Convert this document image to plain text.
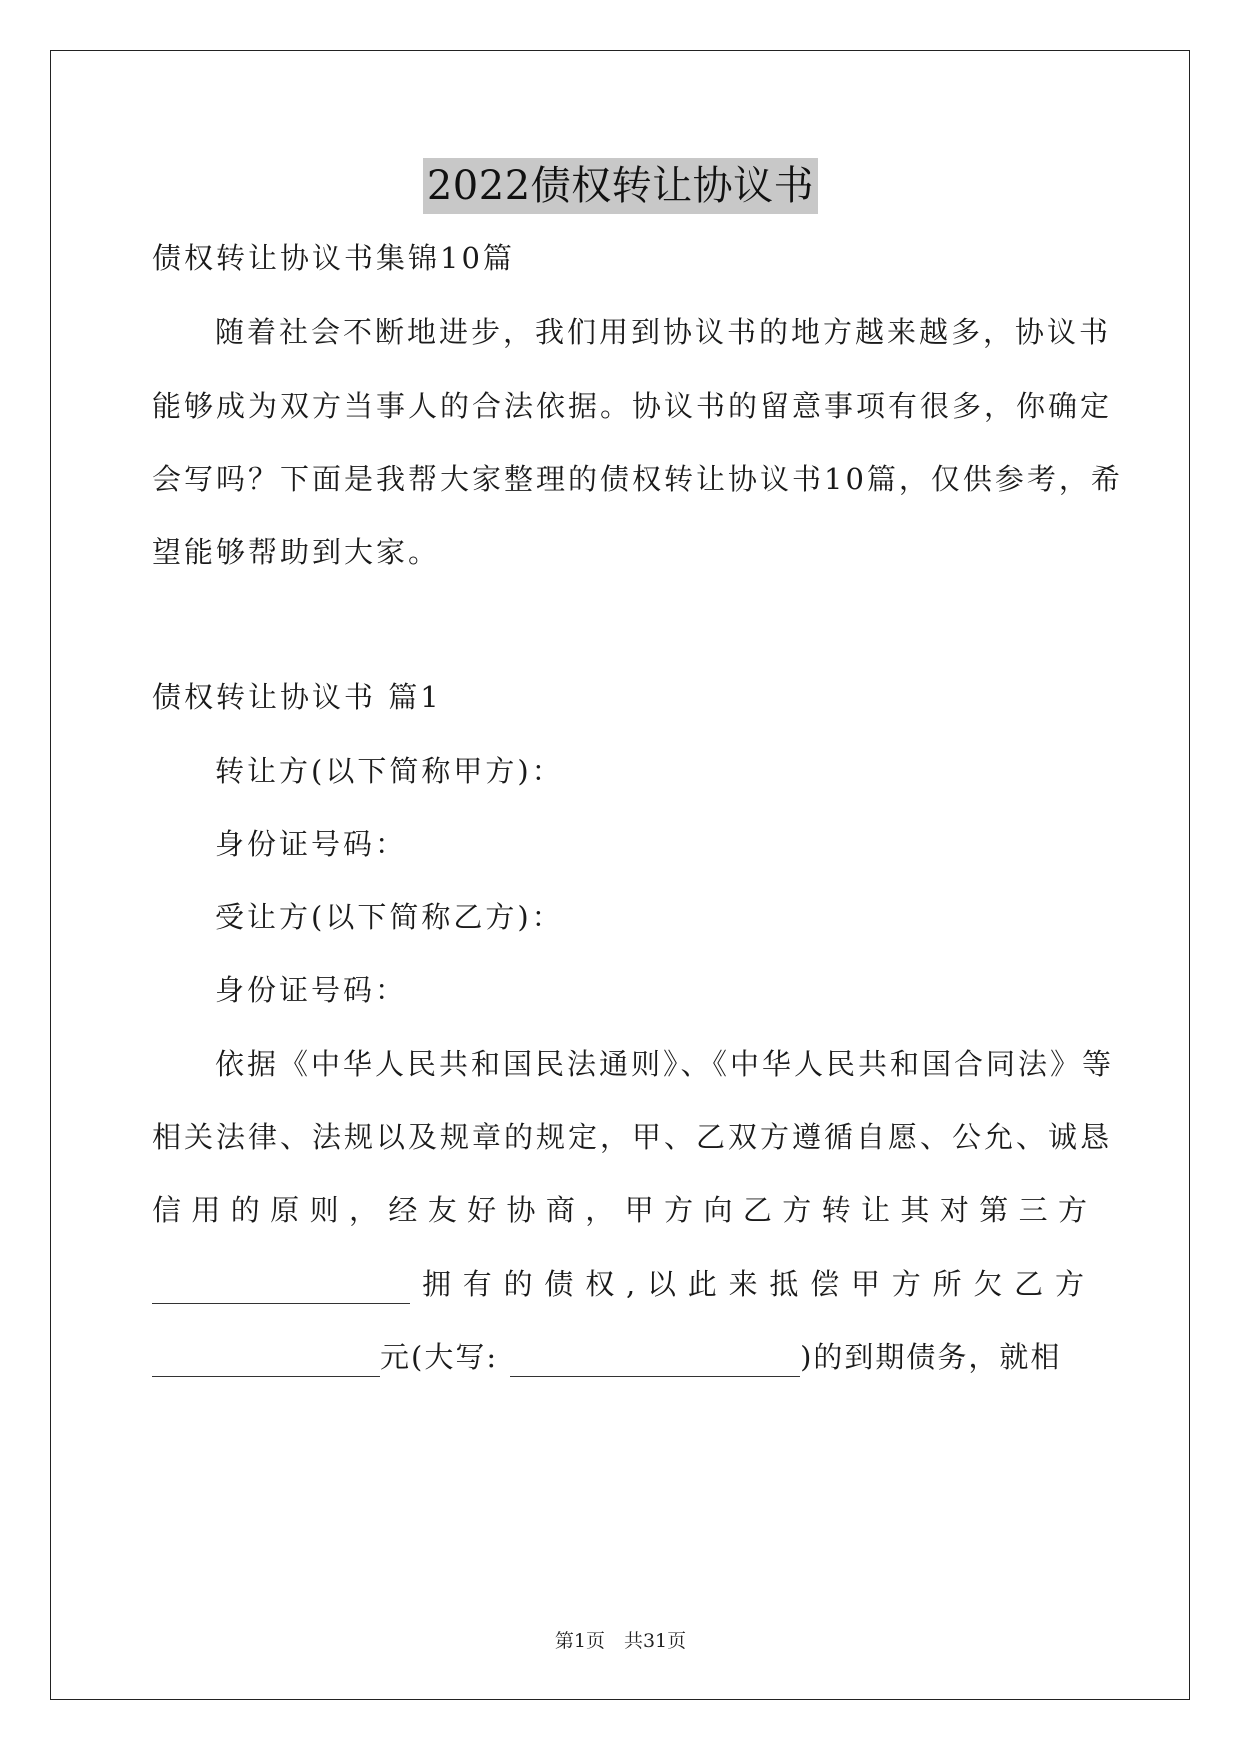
2022债权转让协议书
债权转让协议书集锦10篇
随着社会不断地进步，我们用到协议书的地方越来越多，协议书
能够成为双方当事人的合法依据。协议书的留意事项有很多，你确定
会写吗？下面是我帮大家整理的债权转让协议书10篇，仅供参考，希
望能够帮助到大家。
债权转让协议书 篇1
转让方(以下简称甲方)：
身份证号码：
受让方(以下简称乙方)：
身份证号码：
依据《中华人民共和国民法通则》、《中华人民共和国合同法》等
相关法律、法规以及规章的规定，甲、乙双方遵循自愿、公允、诚恳
信 用 的 原 则 ， 经 友 好 协 商 ， 甲 方 向 乙 方 转 让 其 对 第 三 方
拥 有 的 债 权 , 以 此 来 抵 偿 甲 方 所 欠 乙 方
元(大写:	)的到期债务，就相
第1页　共31页
